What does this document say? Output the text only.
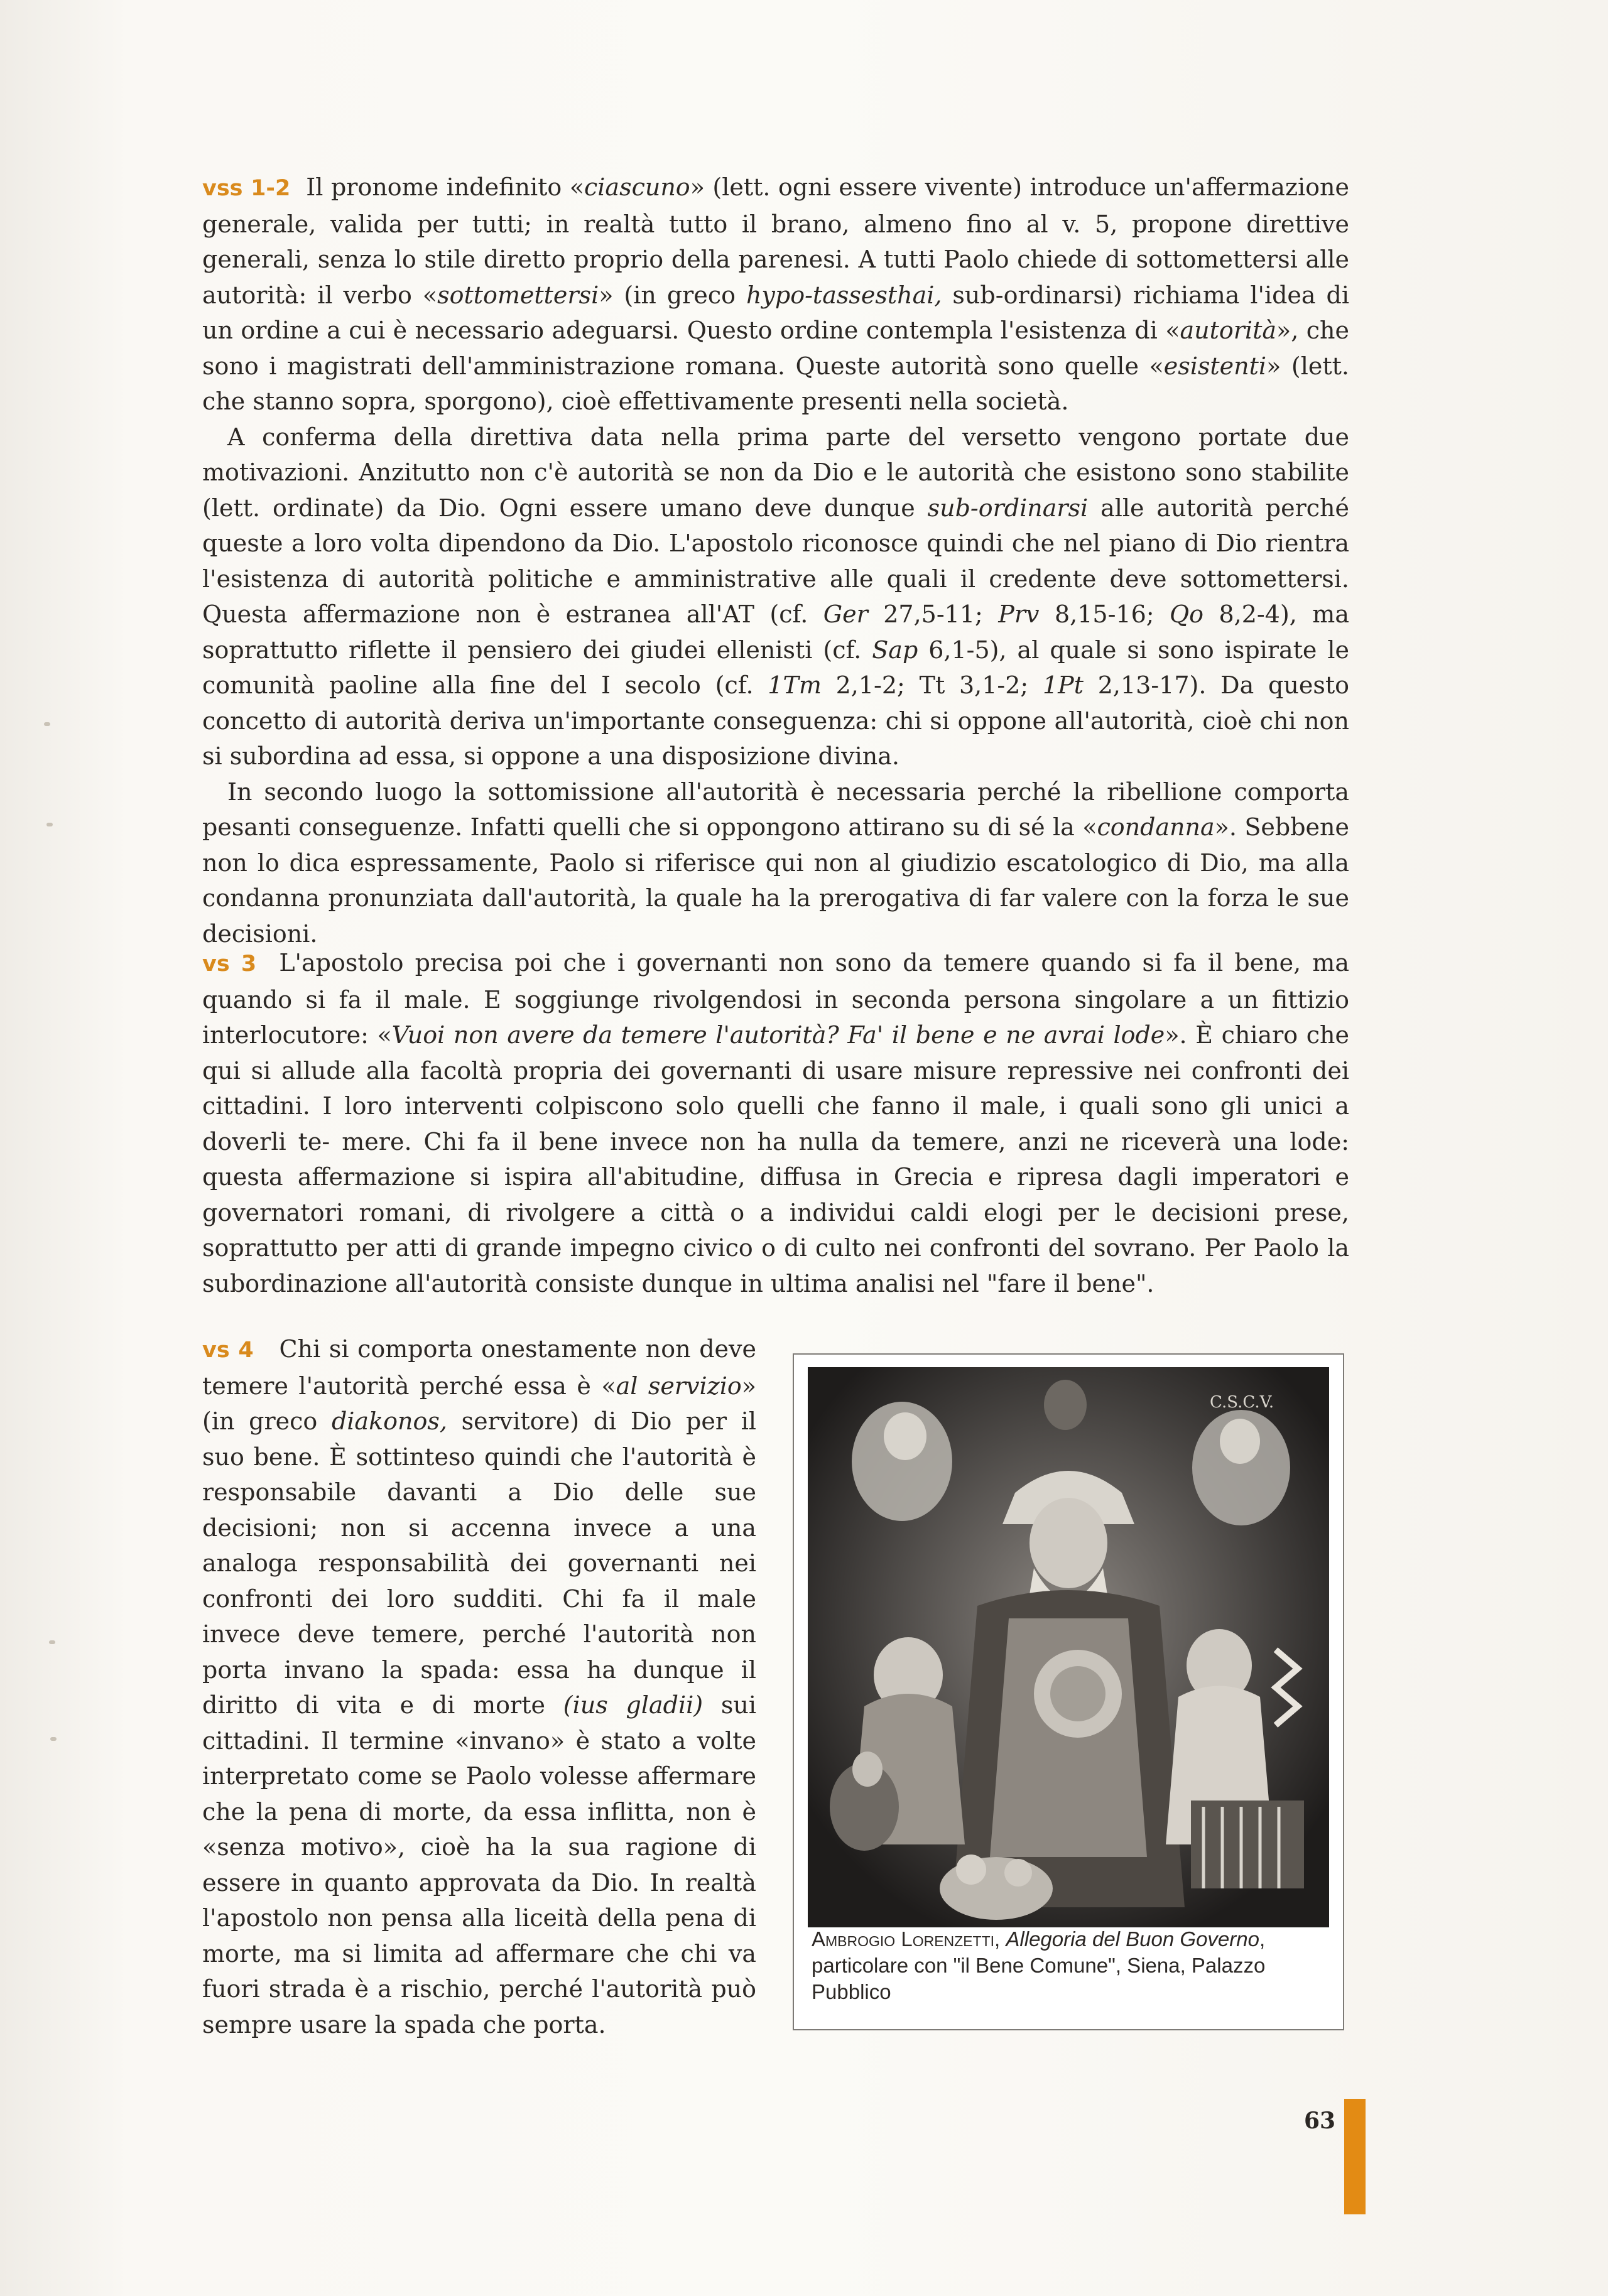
vss 1-2 Il pronome indefinito «ciascuno» (lett. ogni essere vivente) introduce un'affermazione generale, valida per tutti; in realtà tutto il brano, almeno fino al v. 5, propone direttive generali, senza lo stile diretto proprio della parenesi. A tutti Paolo chiede di sottomettersi alle autorità: il verbo «sottomettersi» (in greco hypo-tassesthai, sub-ordinarsi) richiama l'idea di un ordine a cui è necessario adeguarsi. Questo ordine contempla l'esistenza di «autorità», che sono i magistrati dell'amministrazione romana. Queste autorità sono quelle «esistenti» (lett. che stanno sopra, sporgono), cioè effettivamente presenti nella società.

A conferma della direttiva data nella prima parte del versetto vengono portate due motivazioni. Anzitutto non c'è autorità se non da Dio e le autorità che esistono sono stabilite (lett. ordinate) da Dio. Ogni essere umano deve dunque sub-ordinarsi alle autorità perché queste a loro volta dipendono da Dio. L'apostolo riconosce quindi che nel piano di Dio rientra l'esistenza di autorità politiche e amministrative alle quali il credente deve sottomettersi. Questa affermazione non è estranea all'AT (cf. Ger 27,5-11; Prv 8,15-16; Qo 8,2-4), ma soprattutto riflette il pensiero dei giudei ellenisti (cf. Sap 6,1-5), al quale si sono ispirate le comunità paoline alla fine del I secolo (cf. 1Tm 2,1-2; Tt 3,1-2; 1Pt 2,13-17). Da questo concetto di autorità deriva un'importante conseguenza: chi si oppone all'autorità, cioè chi non si subordina ad essa, si oppone a una disposizione divina.

In secondo luogo la sottomissione all'autorità è necessaria perché la ribellione comporta pesanti conseguenze. Infatti quelli che si oppongono attirano su di sé la «condanna». Sebbene non lo dica espressamente, Paolo si riferisce qui non al giudizio escatologico di Dio, ma alla condanna pronunziata dall'autorità, la quale ha la prerogativa di far valere con la forza le sue decisioni.

vs 3 L'apostolo precisa poi che i governanti non sono da temere quando si fa il bene, ma quando si fa il male. E soggiunge rivolgendosi in seconda persona singolare a un fittizio interlocutore: «Vuoi non avere da temere l'autorità? Fa' il bene e ne avrai lode». È chiaro che qui si allude alla facoltà propria dei governanti di usare misure repressive nei confronti dei cittadini. I loro interventi colpiscono solo quelli che fanno il male, i quali sono gli unici a doverli te- mere. Chi fa il bene invece non ha nulla da temere, anzi ne riceverà una lode: questa affermazione si ispira all'abitudine, diffusa in Grecia e ripresa dagli imperatori e governatori romani, di rivolgere a città o a individui caldi elogi per le decisioni prese, soprattutto per atti di grande impegno civico o di culto nei confronti del sovrano. Per Paolo la subordinazione all'autorità consiste dunque in ultima analisi nel "fare il bene".

vs 4 Chi si comporta onestamente non deve temere l'autorità perché essa è «al servizio» (in greco diakonos, servitore) di Dio per il suo bene. È sottinteso quindi che l'autorità è responsabile davanti a Dio delle sue decisioni; non si accenna invece a una analoga responsabilità dei governanti nei confronti dei loro sudditi. Chi fa il male invece deve temere, perché l'autorità non porta invano la spada: essa ha dunque il diritto di vita e di morte (ius gladii) sui cittadini. Il termine «invano» è stato a volte interpretato come se Paolo volesse affermare che la pena di morte, da essa inflitta, non è «senza motivo», cioè ha la sua ragione di essere in quanto approvata da Dio. In realtà l'apostolo non pensa alla liceità della pena di morte, ma si limita ad affermare che chi va fuori strada è a rischio, perché l'autorità può sempre usare la spada che porta.

C.S.C.V.
Ambrogio Lorenzetti, Allegoria del Buon Governo, particolare con "il Bene Comune", Siena, Palazzo Pubblico
63
